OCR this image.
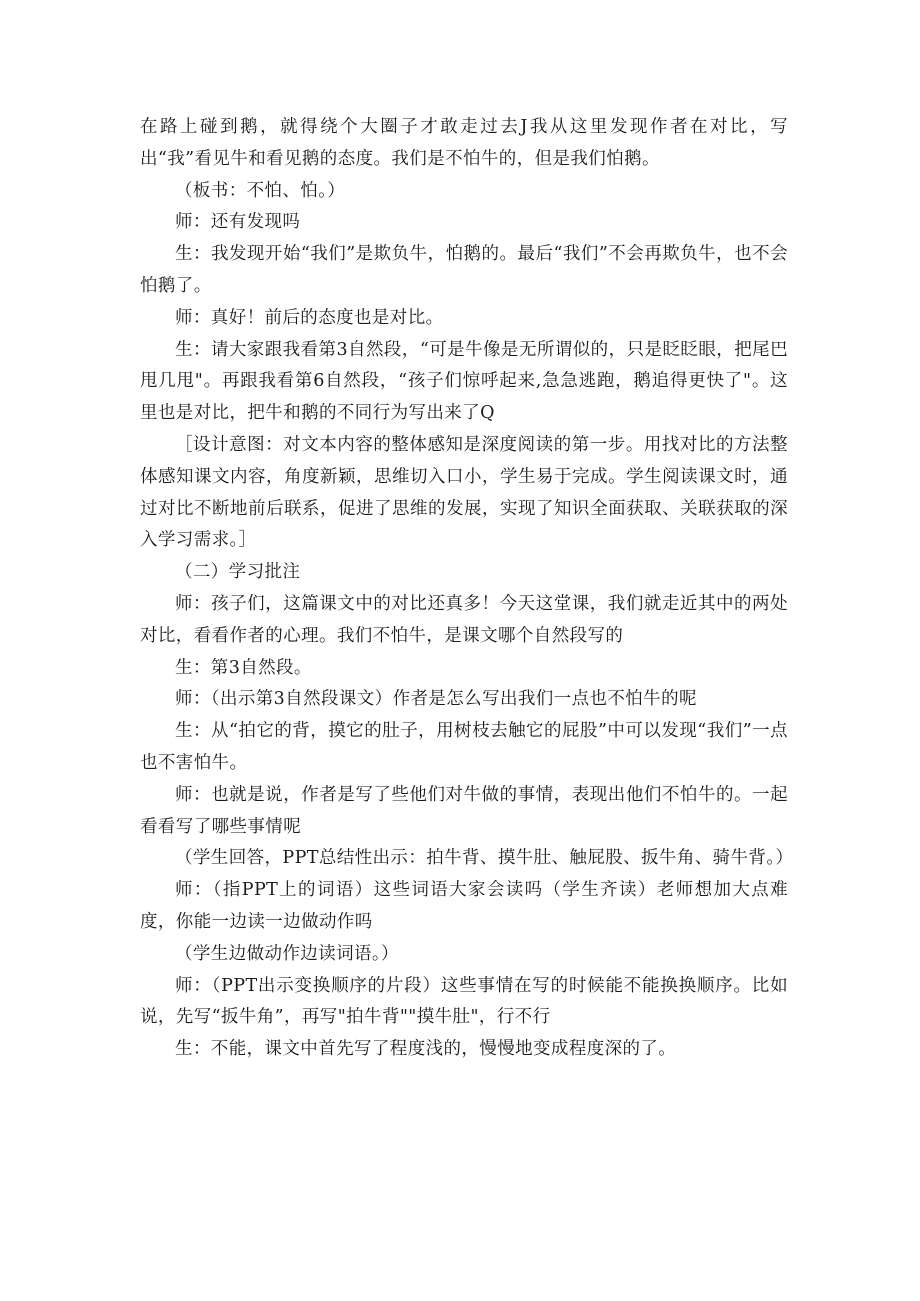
在路上碰到鹅，就得绕个大圈子才敢走过去J我从这里发现作者在对比，写出“我”看见牛和看见鹅的态度。我们是不怕牛的，但是我们怕鹅。

（板书：不怕、怕。）

师：还有发现吗

生：我发现开始“我们”是欺负牛，怕鹅的。最后“我们”不会再欺负牛，也不会怕鹅了。

师：真好！前后的态度也是对比。

生：请大家跟我看第3自然段，“可是牛像是无所谓似的，只是眨眨眼，把尾巴甩几甩"。再跟我看第6自然段，“孩子们惊呼起来,急急逃跑，鹅追得更快了"。这里也是对比，把牛和鹅的不同行为写出来了Q

［设计意图：对文本内容的整体感知是深度阅读的第一步。用找对比的方法整体感知课文内容，角度新颖，思维切入口小，学生易于完成。学生阅读课文时，通过对比不断地前后联系，促进了思维的发展，实现了知识全面获取、关联获取的深入学习需求。］

（二）学习批注

师：孩子们，这篇课文中的对比还真多！今天这堂课，我们就走近其中的两处对比，看看作者的心理。我们不怕牛，是课文哪个自然段写的

生：第3自然段。

师：（出示第3自然段课文）作者是怎么写出我们一点也不怕牛的呢

生：从“拍它的背，摸它的肚子，用树枝去触它的屁股”中可以发现“我们”一点也不害怕牛。

师：也就是说，作者是写了些他们对牛做的事情，表现出他们不怕牛的。一起看看写了哪些事情呢

（学生回答，PPT总结性出示：拍牛背、摸牛肚、触屁股、扳牛角、骑牛背。）

师：（指PPT上的词语）这些词语大家会读吗（学生齐读）老师想加大点难度，你能一边读一边做动作吗

（学生边做动作边读词语。）

师：（PPT出示变换顺序的片段）这些事情在写的时候能不能换换顺序。比如说，先写“扳牛角”，再写"拍牛背""摸牛肚"，行不行

生：不能，课文中首先写了程度浅的，慢慢地变成程度深的了。
